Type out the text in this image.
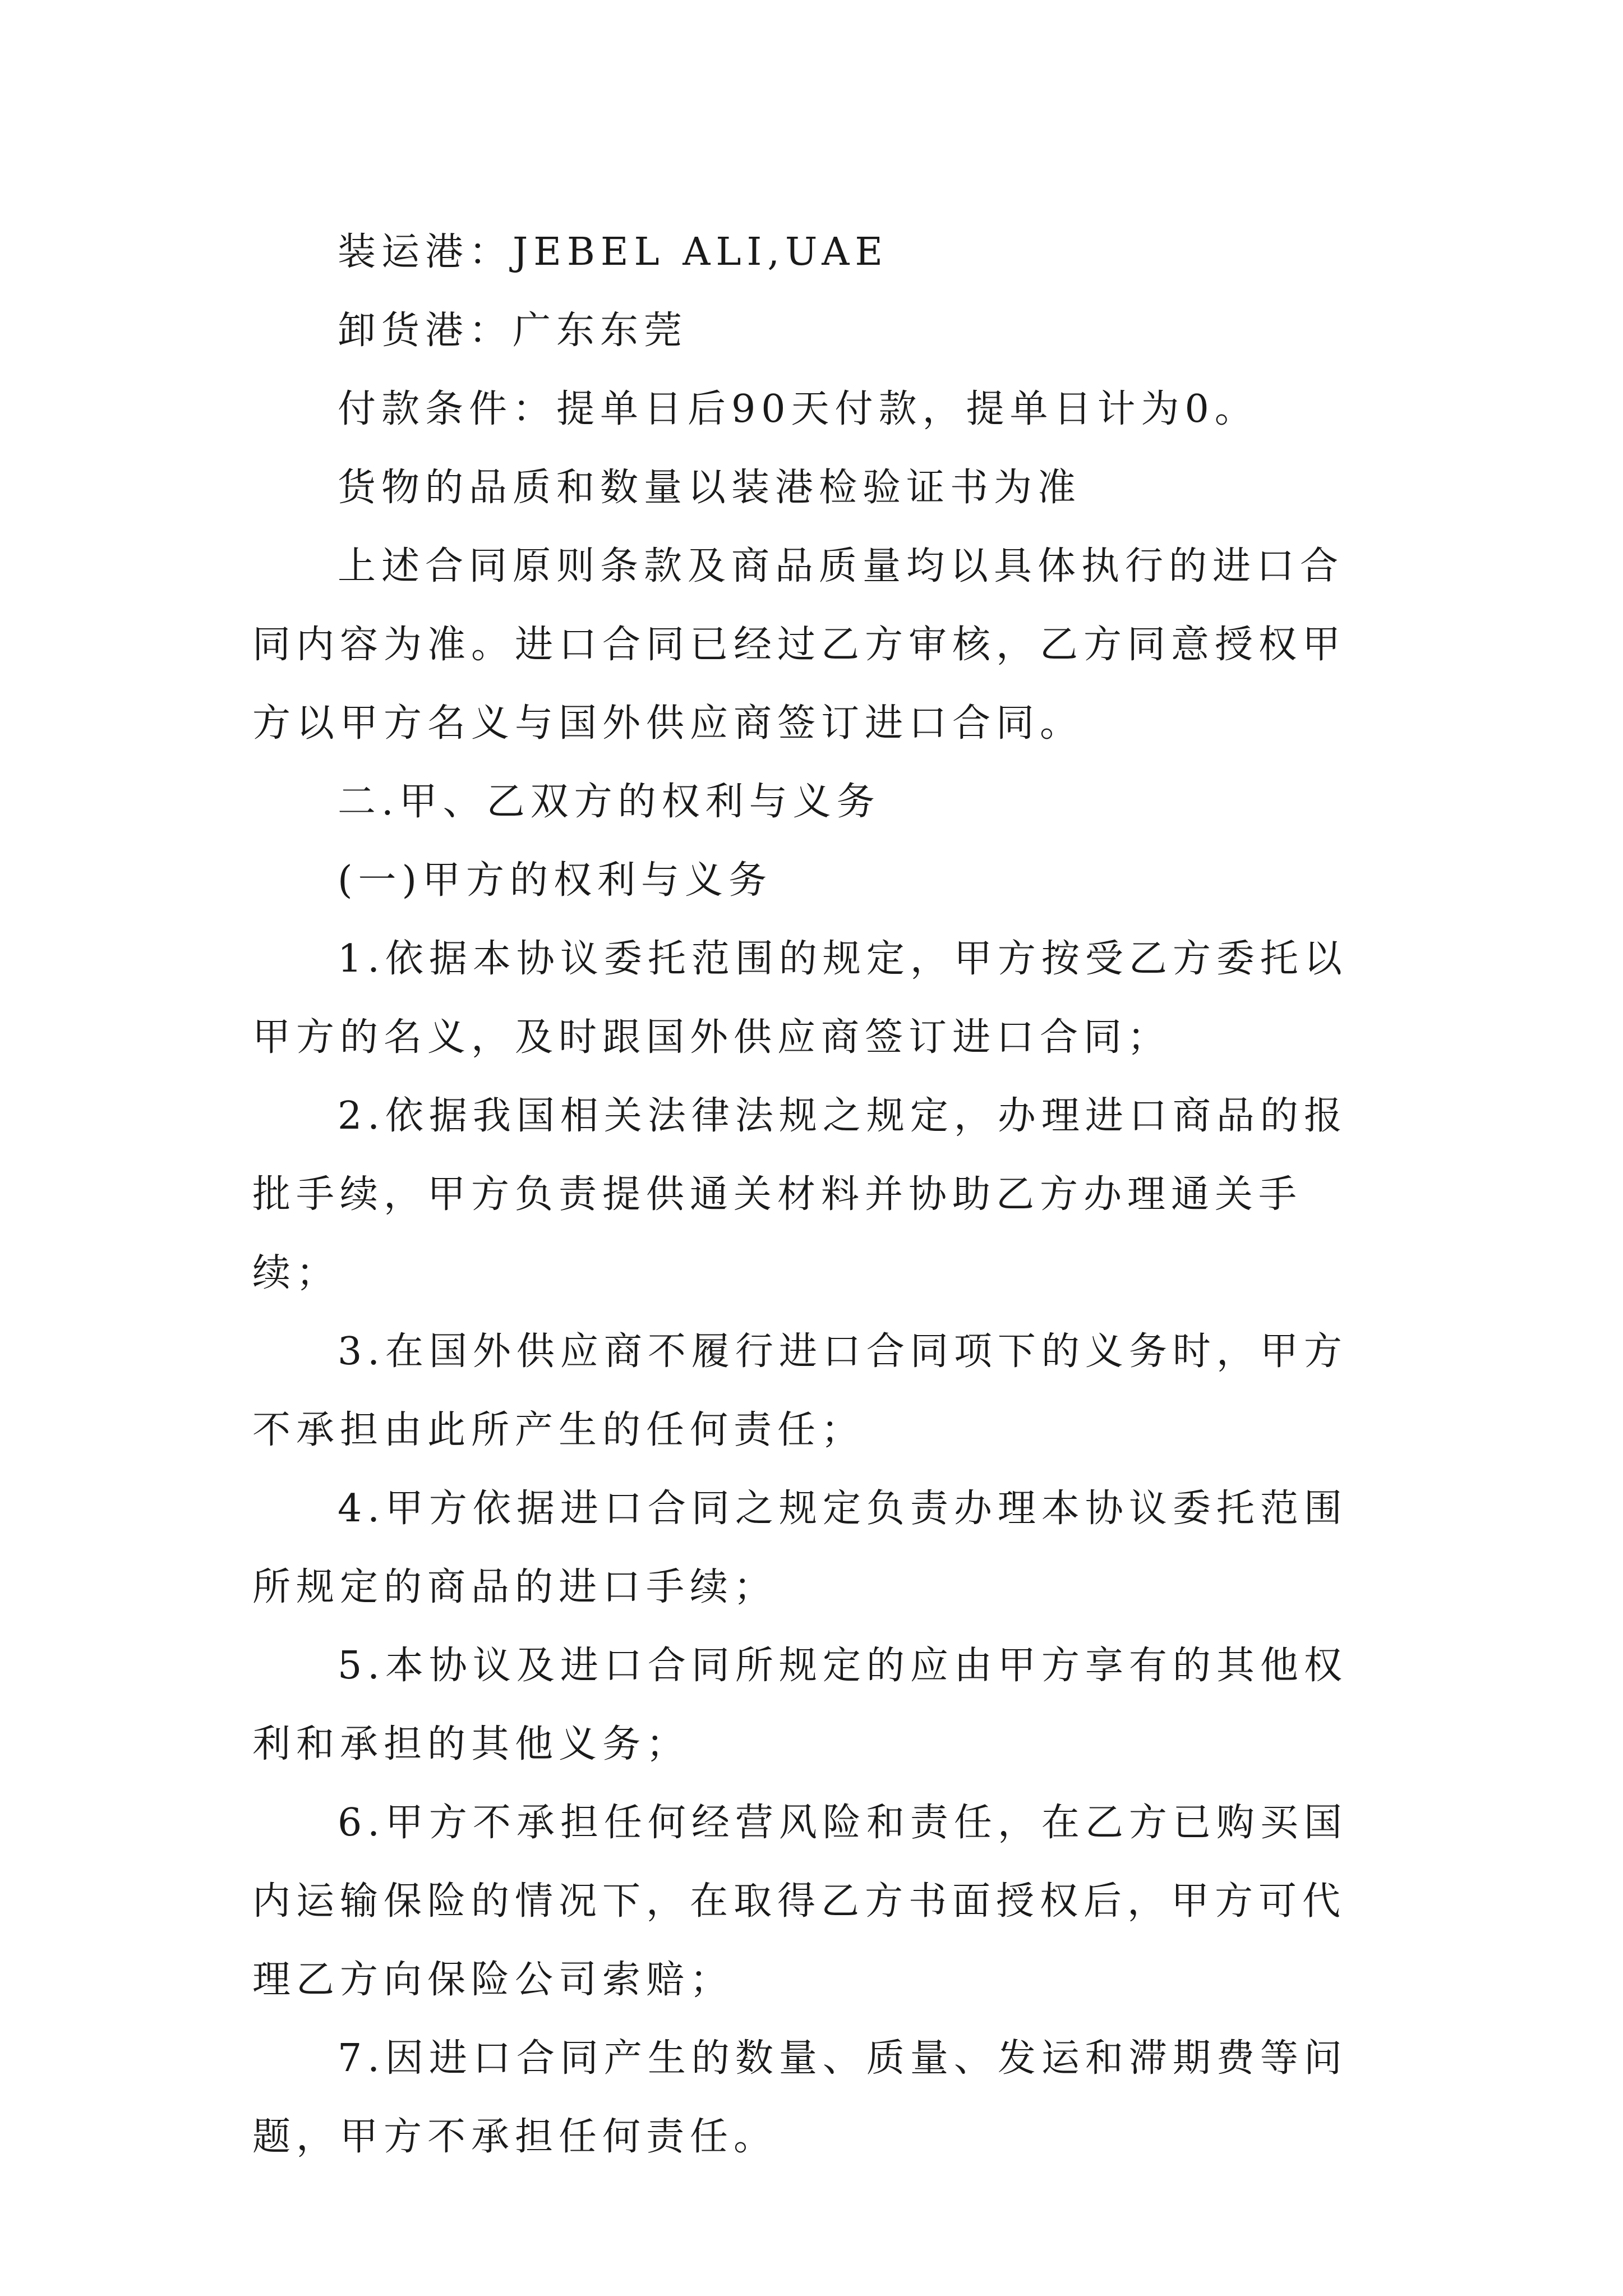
装运港：JEBEL ALI,UAE

卸货港：广东东莞

付款条件：提单日后90天付款，提单日计为0。

货物的品质和数量以装港检验证书为准

上述合同原则条款及商品质量均以具体执行的进口合同内容为准。进口合同已经过乙方审核，乙方同意授权甲方以甲方名义与国外供应商签订进口合同。

二.甲、乙双方的权利与义务

(一)甲方的权利与义务

1.依据本协议委托范围的规定，甲方按受乙方委托以甲方的名义，及时跟国外供应商签订进口合同；

2.依据我国相关法律法规之规定，办理进口商品的报批手续，甲方负责提供通关材料并协助乙方办理通关手续；

3.在国外供应商不履行进口合同项下的义务时，甲方不承担由此所产生的任何责任；

4.甲方依据进口合同之规定负责办理本协议委托范围所规定的商品的进口手续；

5.本协议及进口合同所规定的应由甲方享有的其他权利和承担的其他义务；

6.甲方不承担任何经营风险和责任，在乙方已购买国内运输保险的情况下，在取得乙方书面授权后，甲方可代理乙方向保险公司索赔；

7.因进口合同产生的数量、质量、发运和滞期费等问题，甲方不承担任何责任。
